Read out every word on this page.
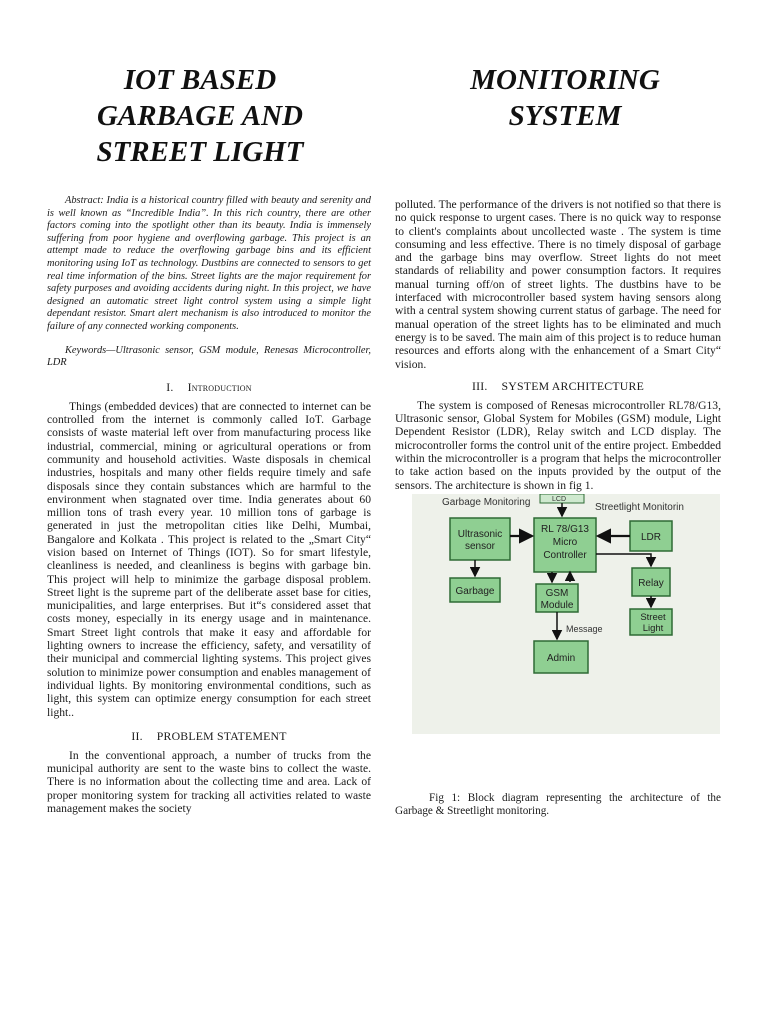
IOT BASED
GARBAGE AND
STREET LIGHT
MONITORING
SYSTEM

Abstract: India is a historical country filled with beauty and serenity and is well known as “Incredible India”. In this rich country, there are other factors coming into the spotlight other than its beauty. India is immensely suffering from poor hygiene and overflowing garbage. This project is an attempt made to reduce the overflowing garbage bins and its efficient monitoring using IoT as technology. Dustbins are connected to sensors to get real time information of the bins. Street lights are the major requirement for safety purposes and avoiding accidents during night. In this project, we have designed an automatic street light control system using a simple light dependant resistor. Smart alert mechanism is also introduced to monitor the failure of any connected working components.

Keywords—Ultrasonic sensor, GSM module, Renesas Microcontroller, LDR

I. Introduction

Things (embedded devices) that are connected to internet can be controlled from the internet is commonly called IoT. Garbage consists of waste material left over from manufacturing process like industrial, commercial, mining or agricultural operations or from community and household activities. Waste disposals in chemical industries, hospitals and many other fields require timely and safe disposals since they contain substances which are harmful to the environment when stagnated over time. India generates about 60 million tons of trash every year. 10 million tons of garbage is generated in just the metropolitan cities like Delhi, Mumbai, Bangalore and Kolkata . This project is related to the „Smart City“ vision based on Internet of Things (IOT). So for smart lifestyle, cleanliness is needed, and cleanliness is begins with garbage bin. This project will help to minimize the garbage disposal problem. Street light is the supreme part of the deliberate asset base for cities, municipalities, and large enterprises. But it“s considered asset that costs money, especially in its energy usage and in maintenance. Smart Street light controls that make it easy and affordable for lighting owners to increase the efficiency, safety, and versatility of their municipal and commercial lighting systems. This project gives solution to minimize power consumption and enables management of individual lights. By monitoring environmental conditions, such as light, this system can optimize energy consumption for each street light..

II. PROBLEM STATEMENT

In the conventional approach, a number of trucks from the municipal authority are sent to the waste bins to collect the waste. There is no information about the collecting time and area. Lack of proper monitoring system for tracking all activities related to waste management makes the society

polluted. The performance of the drivers is not notified so that there is no quick response to urgent cases. There is no quick way to response to client's complaints about uncollected waste . The system is time consuming and less effective. There is no timely disposal of garbage and the garbage bins may overflow. Street lights do not meet standards of reliability and power consumption factors. It requires manual turning off/on of street lights. The dustbins have to be interfaced with microcontroller based system having sensors along with a central system showing current status of garbage. The need for manual operation of the street lights has to be eliminated and much energy is to be saved. The main aim of this project is to reduce human resources and efforts along with the enhancement of a Smart City“ vision.

III. SYSTEM ARCHITECTURE

The system is composed of Renesas microcontroller RL78/G13, Ultrasonic sensor, Global System for Mobiles (GSM) module, Light Dependent Resistor (LDR), Relay switch and LCD display. The microcontroller forms the control unit of the entire project. Embedded within the microcontroller is a program that helps the microcontroller to take action based on the inputs provided by the output of the sensors. The architecture is shown in fig 1.

Garbage Monitoring	Streetlight Monitorin
LCD
Ultrasonic
sensor
RL 78/G13
Micro
Controller
LDR
Garbage	GSM
Module
Relay
Street
Light
Message
Admin

Fig 1: Block diagram representing the architecture of the Garbage & Streetlight monitoring.
